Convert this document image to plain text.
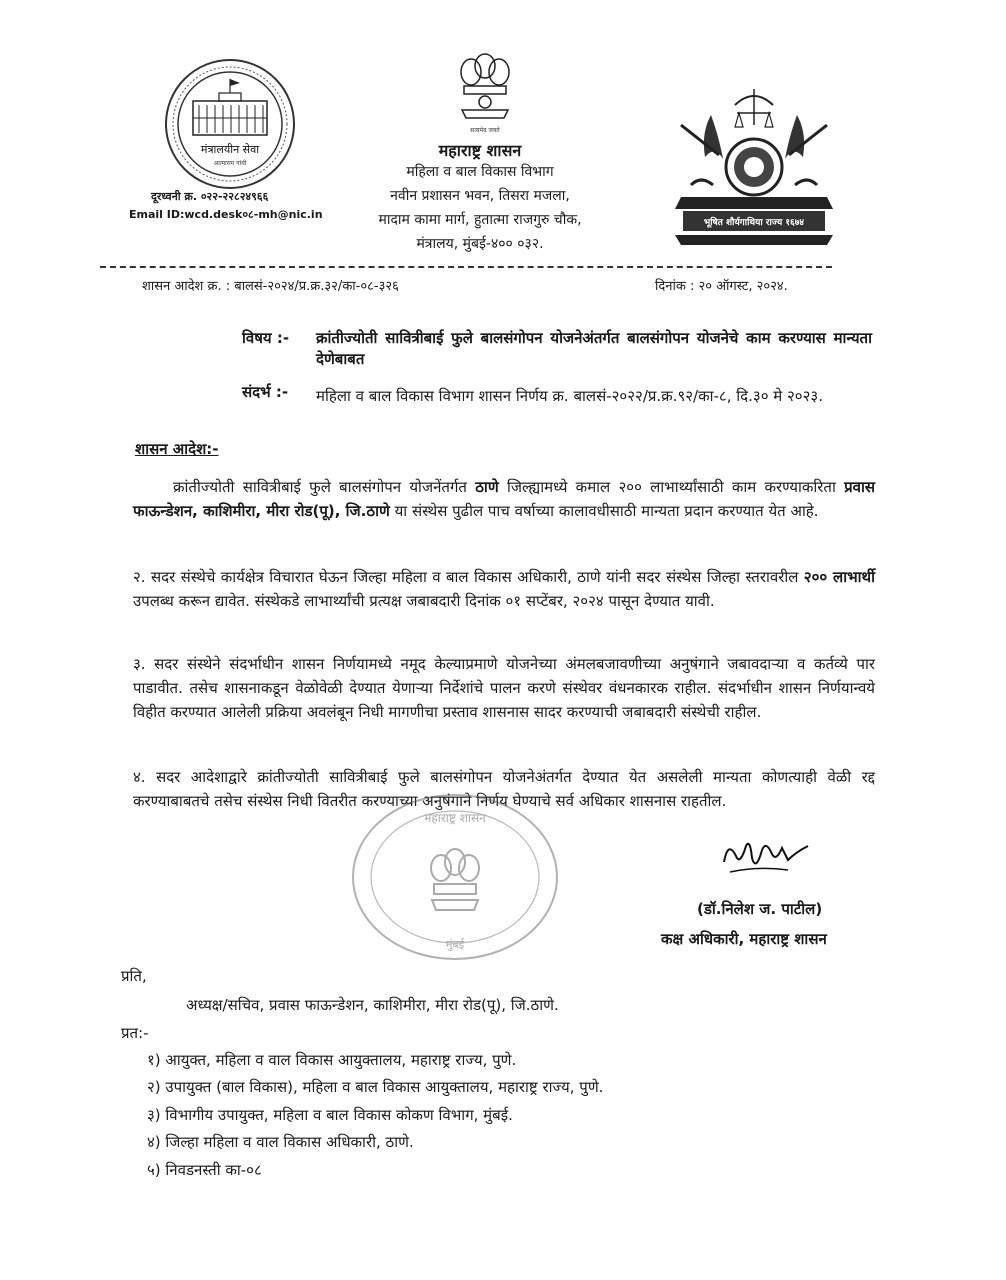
मंत्रालयीन सेवा
आत्माराम गांधी
सत्यमेव जयते
भूषित शौर्यगाथिया राज्य १६७४
महाराष्ट्र शासन
महिला व बाल विकास विभाग
नवीन प्रशासन भवन, तिसरा मजला,
मादाम कामा मार्ग, हुतात्मा राजगुरु चौक,
मंत्रालय, मुंबई-४०० ०३२.
दूरध्वनी क्र. ०२२-२२८२४९६६
Email ID:wcd.desk०८-mh@nic.in
शासन आदेश क्र. : बालसं-२०२४/प्र.क्र.३२/का-०८-३२६	दिनांक : २० ऑगस्ट, २०२४.
विषय :- क्रांतीज्योती सावित्रीबाई फुले बालसंगोपन योजनेअंतर्गत बालसंगोपन योजनेचे काम करण्यास मान्यता देणेबाबत
संदर्भ :- महिला व बाल विकास विभाग शासन निर्णय क्र. बालसं-२०२२/प्र.क्र.९२/का-८, दि.३० मे २०२३.
शासन आदेश:-
क्रांतीज्योती सावित्रीबाई फुले बालसंगोपन योजनेंतर्गत ठाणे जिल्ह्यामध्ये कमाल २०० लाभार्थ्यांसाठी काम करण्याकरिता प्रवास फाऊन्डेशन, काशिमीरा, मीरा रोड(पू), जि.ठाणे या संस्थेस पुढील पाच वर्षाच्या कालावधीसाठी मान्यता प्रदान करण्यात येत आहे.
२. सदर संस्थेचे कार्यक्षेत्र विचारात घेऊन जिल्हा महिला व बाल विकास अधिकारी, ठाणे यांनी सदर संस्थेस जिल्हा स्तरावरील २०० लाभार्थी उपलब्ध करून द्यावेत. संस्थेकडे लाभार्थ्यांची प्रत्यक्ष जबाबदारी दिनांक ०१ सप्टेंबर, २०२४ पासून देण्यात यावी.
३. सदर संस्थेने संदर्भाधीन शासन निर्णयामध्ये नमूद केल्याप्रमाणे योजनेच्या अंमलबजावणीच्या अनुषंगाने जबावदाऱ्या व कर्तव्ये पार पाडावीत. तसेच शासनाकडून वेळोवेळी देण्यात येणाऱ्या निर्देशांचे पालन करणे संस्थेवर वंधनकारक राहील. संदर्भाधीन शासन निर्णयान्वये विहीत करण्यात आलेली प्रक्रिया अवलंबून निधी मागणीचा प्रस्ताव शासनास सादर करण्याची जबाबदारी संस्थेची राहील.
४. सदर आदेशाद्वारे क्रांतीज्योती सावित्रीबाई फुले बालसंगोपन योजनेअंतर्गत देण्यात येत असलेली मान्यता कोणत्याही वेळी रद्द करण्याबाबतचे तसेच संस्थेस निधी वितरीत करण्याच्या अनुषंगाने निर्णय घेण्याचे सर्व अधिकार शासनास राहतील.
महाराष्ट्र शासन
मुंबई
(डॉ.निलेश ज. पाटील)
कक्ष अधिकारी, महाराष्ट्र शासन
प्रति,
अध्यक्ष/सचिव, प्रवास फाऊन्डेशन, काशिमीरा, मीरा रोड(पू), जि.ठाणे.
प्रत:-
१) आयुक्त, महिला व वाल विकास आयुक्तालय, महाराष्ट्र राज्य, पुणे.
२) उपायुक्त (बाल विकास), महिला व बाल विकास आयुक्तालय, महाराष्ट्र राज्य, पुणे.
३) विभागीय उपायुक्त, महिला व बाल विकास कोकण विभाग, मुंबई.
४) जिल्हा महिला व वाल विकास अधिकारी, ठाणे.
५) निवडनस्ती का-०८
